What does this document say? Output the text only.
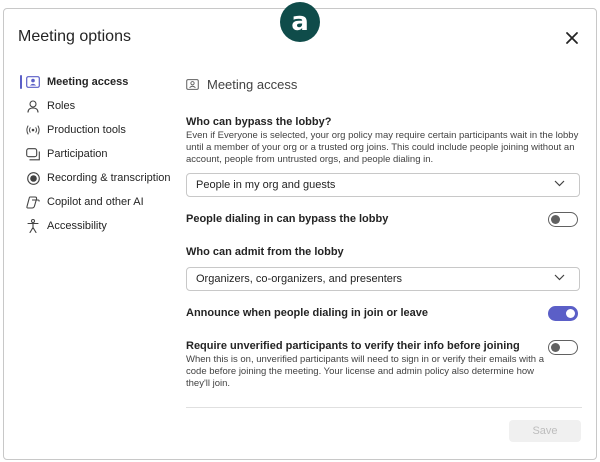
a
Meeting options
Meeting access
Roles
Production tools
Participation
Recording & transcription
Copilot and other AI
Accessibility
Meeting access
Who can bypass the lobby?
Even if Everyone is selected, your org policy may require certain participants wait in the lobby until a member of your org or a trusted org joins. This could include people joining without an account, people from untrusted orgs, and people dialing in.
People in my org and guests
People dialing in can bypass the lobby
Who can admit from the lobby
Organizers, co-organizers, and presenters
Announce when people dialing in join or leave
Require unverified participants to verify their info before joining
When this is on, unverified participants will need to sign in or verify their emails with a code before joining the meeting. Your license and admin policy also determine how they'll join.
Save
